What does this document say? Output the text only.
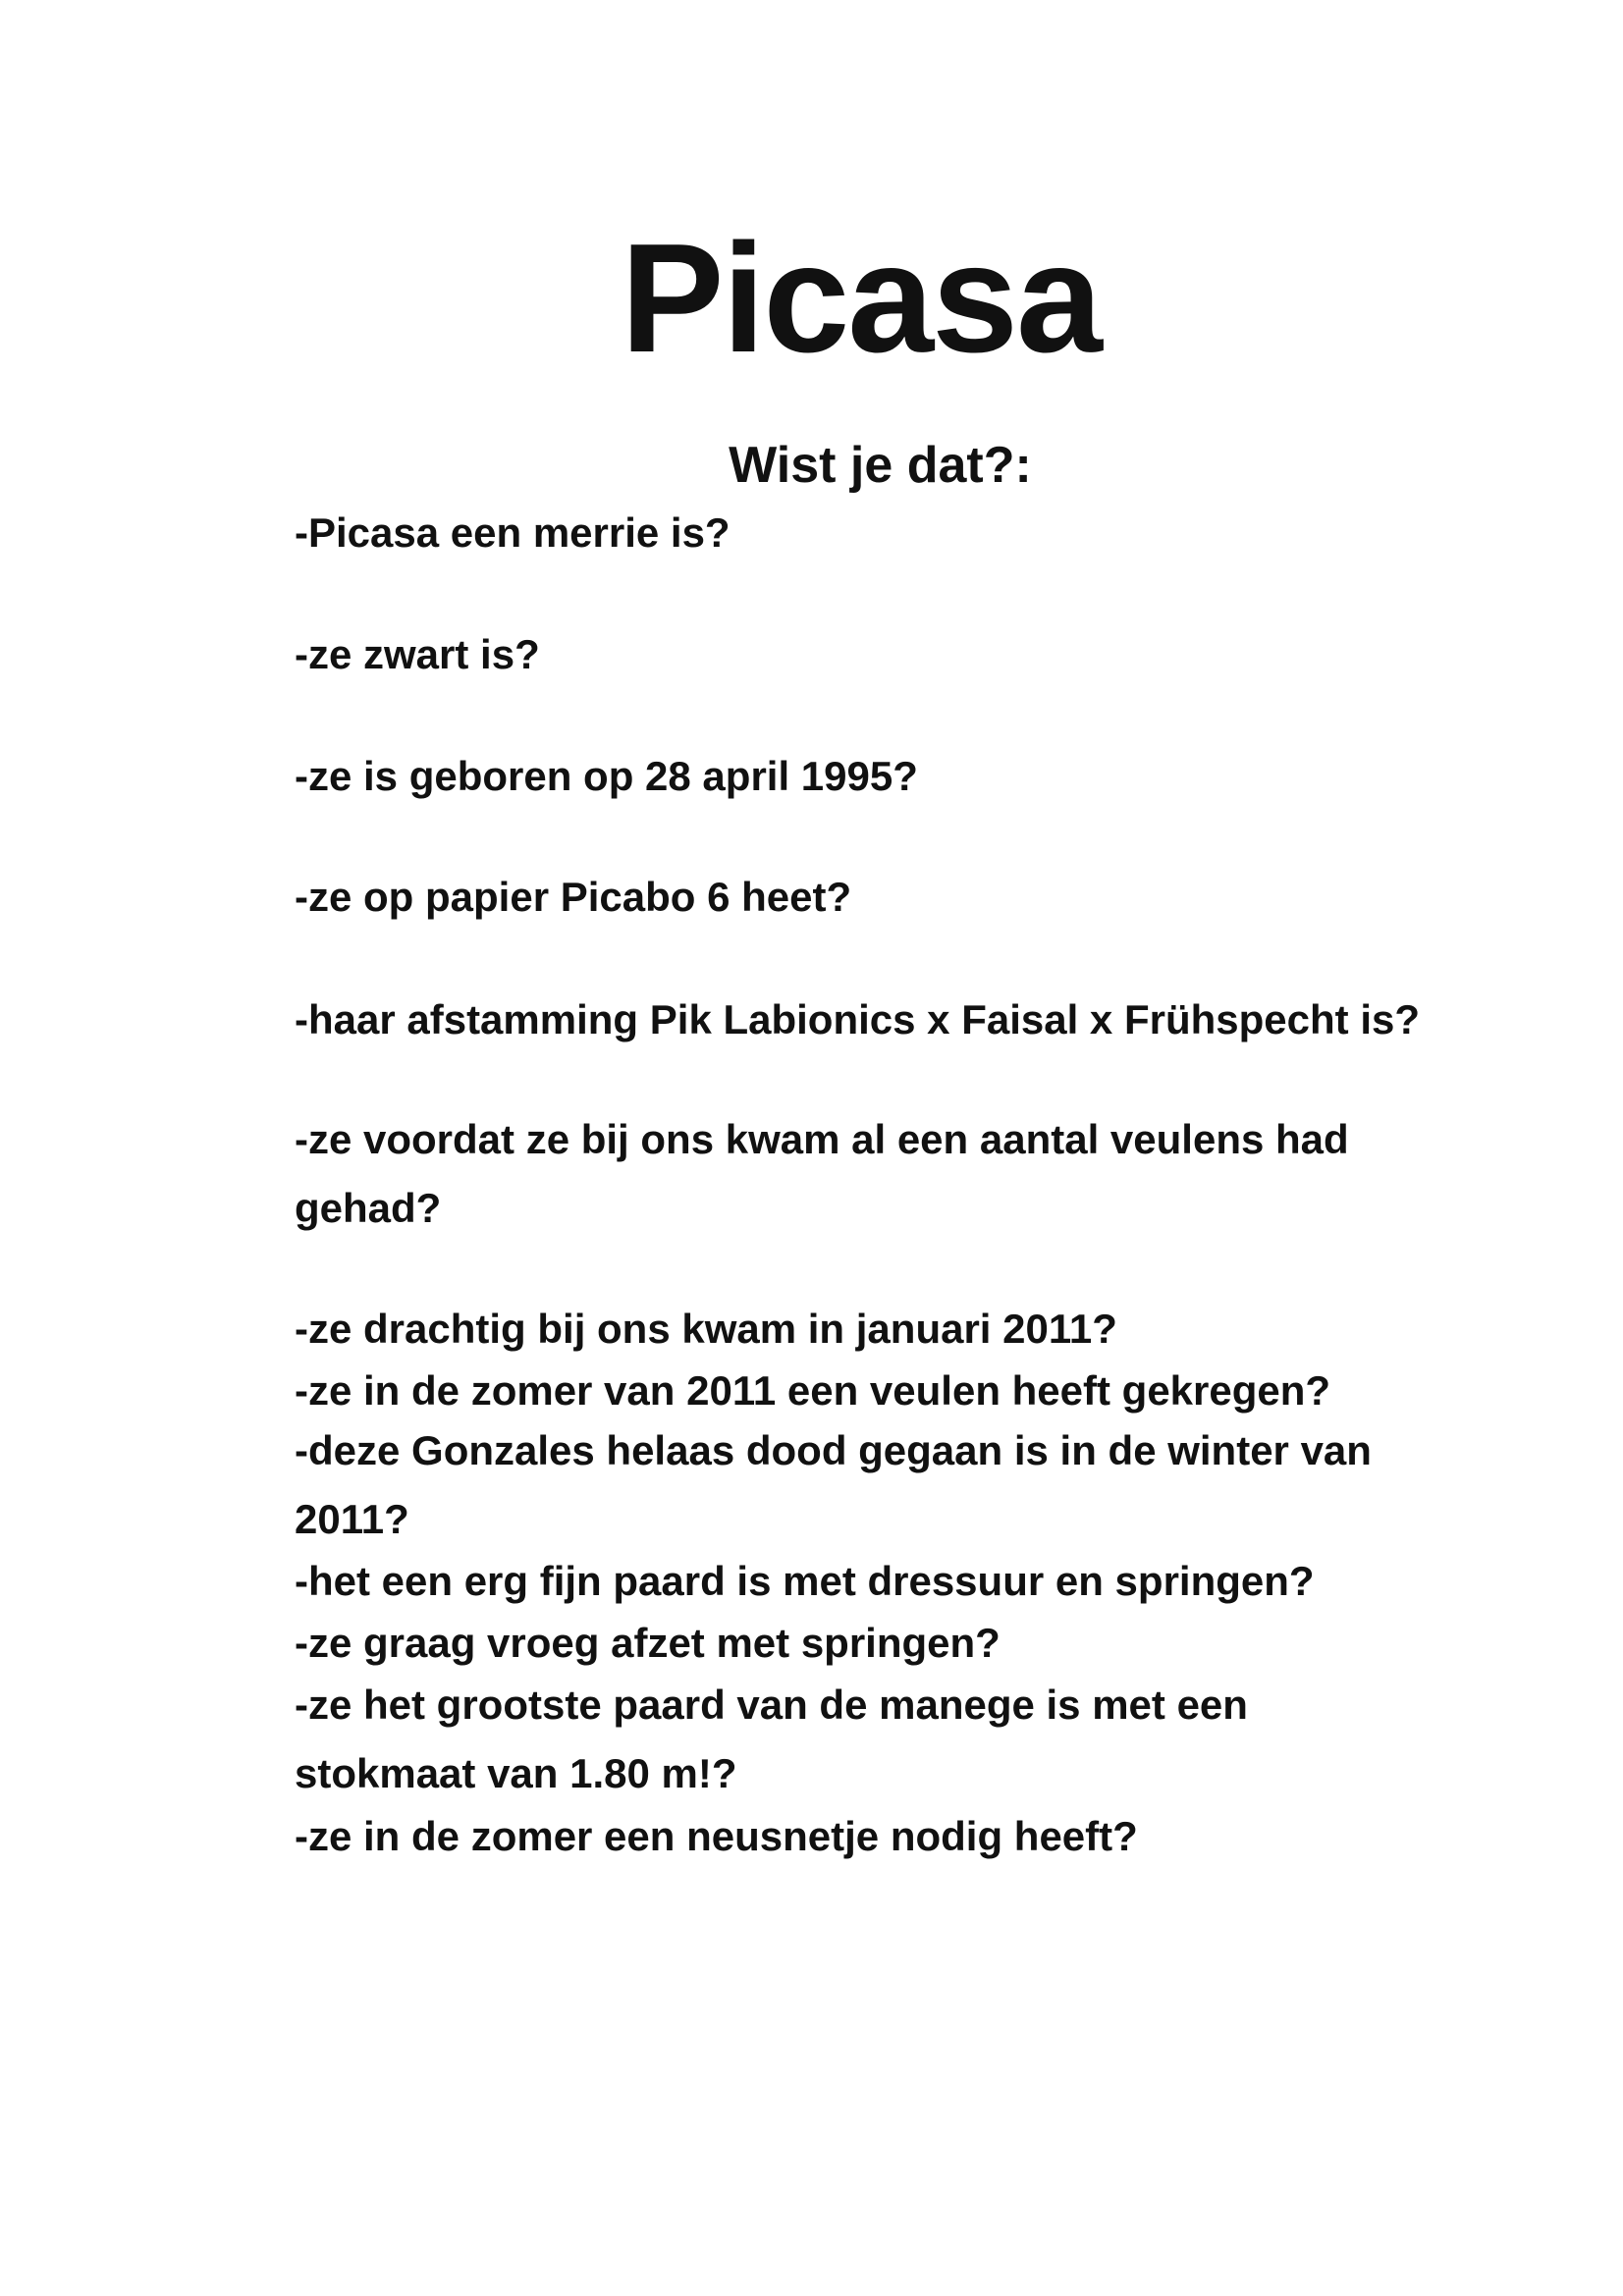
Picasa
Wist je dat?:
-Picasa een merrie is?
-ze zwart is?
-ze is geboren op 28 april 1995?
-ze op papier Picabo 6 heet?
-haar afstamming Pik Labionics x Faisal x Frühspecht is?
-ze voordat ze bij ons kwam al een aantal veulens had
gehad?
-ze drachtig bij ons kwam in januari 2011?
-ze in de zomer van 2011 een veulen heeft gekregen?
-deze Gonzales helaas dood gegaan is in de winter van
2011?
-het een erg fijn paard is met dressuur en springen?
-ze graag vroeg afzet met springen?
-ze het grootste paard van de manege is met een
stokmaat van 1.80 m!?
-ze in de zomer een neusnetje nodig heeft?
